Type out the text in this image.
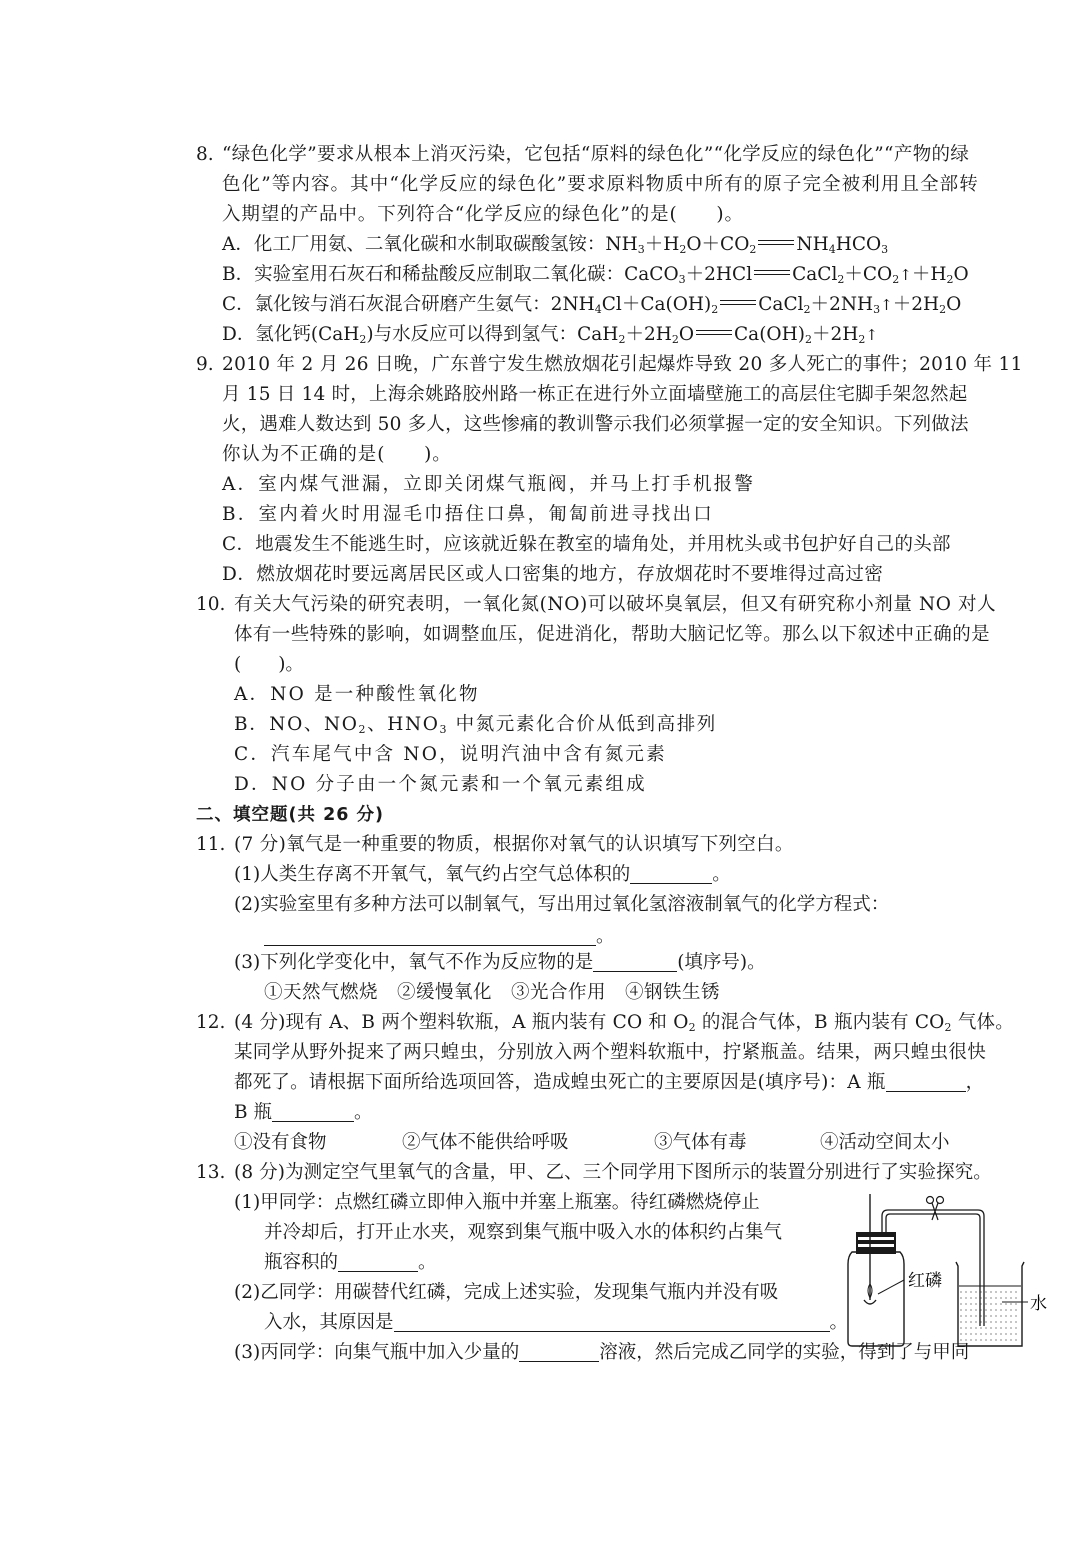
8. “绿色化学”要求从根本上消灭污染，它包括“原料的绿色化”“化学反应的绿色化”“产物的绿
色化”等内容。其中“化学反应的绿色化”要求原料物质中所有的原子完全被利用且全部转
入期望的产品中。下列符合“化学反应的绿色化”的是(　　)。
A．化工厂用氨、二氧化碳和水制取碳酸氢铵：$NH_3+H_2O+CO_2$ $NH_4HCO_3$
B．实验室用石灰石和稀盐酸反应制取二氧化碳：CaCO$_3$＋2HCl $CaCl_2+CO_2↑+H_2O$
C．氯化铵与消石灰混合研磨产生氨气：$2NH_4Cl+Ca(OH)_2$ $CaCl_2+2NH_3↑+2H_2O$
D．氢化钙(CaH$_2$)与水反应可以得到氢气：$CaH_2+2H_2O$ $Ca(OH)_2+2H_2↑$
9. 2010 年 2 月 26 日晚，广东普宁发生燃放烟花引起爆炸导致 20 多人死亡的事件；2010 年 11
月 15 日 14 时，上海余姚路胶州路一栋正在进行外立面墙壁施工的高层住宅脚手架忽然起
火，遇难人数达到 50 多人，这些惨痛的教训警示我们必须掌握一定的安全知识。下列做法
你认为不正确的是(　　)。
A．室内煤气泄漏，立即关闭煤气瓶阀，并马上打手机报警
B．室内着火时用湿毛巾捂住口鼻，匍匐前进寻找出口
C．地震发生不能逃生时，应该就近躲在教室的墙角处，并用枕头或书包护好自己的头部
D．燃放烟花时要远离居民区或人口密集的地方，存放烟花时不要堆得过高过密
10. 有关大气污染的研究表明，一氧化氮(NO)可以破坏臭氧层，但又有研究称小剂量 NO 对人
体有一些特殊的影响，如调整血压，促进消化，帮助大脑记忆等。那么以下叙述中正确的是
(　　)。
A．NO 是一种酸性氧化物
B．NO、$NO_2$、$HNO_3$ 中氮元素化合价从低到高排列
C．汽车尾气中含 NO，说明汽油中含有氮元素
D．NO 分子由一个氮元素和一个氧元素组成
二、填空题(共 26 分)
11. (7 分)氧气是一种重要的物质，根据你对氧气的认识填写下列空白。
(1)人类生存离不开氧气，氧气约占空气总体积的	。
(2)实验室里有多种方法可以制氧气，写出用过氧化氢溶液制氧气的化学方程式：
。
(3)下列化学变化中，氧气不作为反应物的是	(填序号)。
①天然气燃烧　②缓慢氧化　③光合作用　④钢铁生锈
12. (4 分)现有 A、B 两个塑料软瓶，A 瓶内装有 CO 和 $O_2$ 的混合气体，B 瓶内装有 $CO_2$ 气体。
某同学从野外捉来了两只蝗虫，分别放入两个塑料软瓶中，拧紧瓶盖。结果，两只蝗虫很快
都死了。请根据下面所给选项回答，造成蝗虫死亡的主要原因是(填序号)：A 瓶	，
B 瓶	。
①没有食物	②气体不能供给呼吸	③气体有毒	④活动空间太小
13. (8 分)为测定空气里氧气的含量，甲、乙、三个同学用下图所示的装置分别进行了实验探究。
(1)甲同学：点燃红磷立即伸入瓶中并塞上瓶塞。待红磷燃烧停止
并冷却后，打开止水夹，观察到集气瓶中吸入水的体积约占集气
瓶容积的	。
(2)乙同学：用碳替代红磷，完成上述实验，发现集气瓶内并没有吸
入水，其原因是	。
(3)丙同学：向集气瓶中加入少量的	溶液，然后完成乙同学的实验，得到了与甲同
红磷
水
